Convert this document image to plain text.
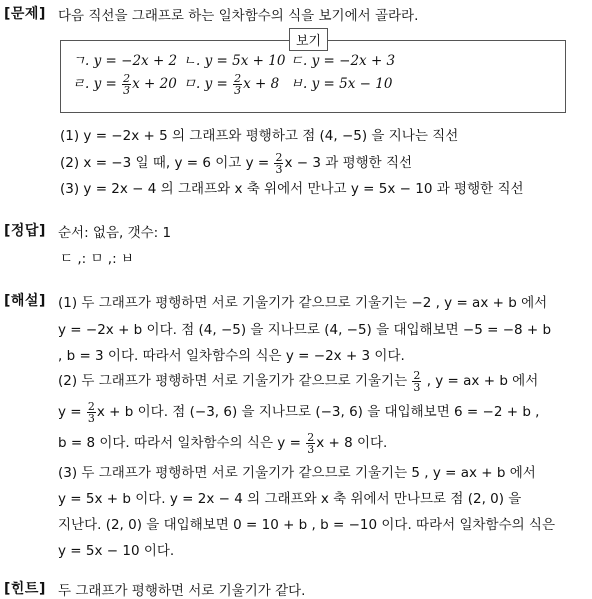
[문제] 다음 직선을 그래프로 하는 일차함수의 식을 보기에서 골라라.
보기
ㄱ. y = −2x + 2 ㄴ. y = 5x + 10 ㄷ. y = −2x + 3
ㄹ. $y = \frac{2}{3}$ x + 20 ㅁ. $y = \frac{2}{3}$ x + 8 ㅂ. y = 5x − 10
(1) y = −2x + 5 의 그래프와 평행하고 점 (4, −5) 을 지나는 직선
(2) x = −3 일 때, y = 6 이고 $y = \frac{2}{3}$ x − 3 과 평행한 직선
(3) y = 2x − 4 의 그래프와 x 축 위에서 만나고 y = 5x − 10 과 평행한 직선
[정답] 순서: 없음, 갯수: 1
ㄷ ,: ㅁ ,: ㅂ
[해설] (1) 두 그래프가 평행하면 서로 기울기가 같으므로 기울기는 −2 , y = ax + b 에서
y = −2x + b 이다. 점 (4, −5) 을 지나므로 (4, −5) 을 대입해보면 −5 = −8 + b
, b = 3 이다. 따라서 일차함수의 식은 y = −2x + 3 이다.
(2) 두 그래프가 평행하면 서로 기울기가 같으므로 기울기는 $\frac{2}{3}$ , y = ax + b 에서
$y = \frac{2}{3}$ x + b 이다. 점 (−3, 6) 을 지나므로 (−3, 6) 을 대입해보면 6 = −2 + b ,
b = 8 이다. 따라서 일차함수의 식은 $y = \frac{2}{3}$ x + 8 이다.
(3) 두 그래프가 평행하면 서로 기울기가 같으므로 기울기는 5 , y = ax + b 에서
y = 5x + b 이다. y = 2x − 4 의 그래프와 x 축 위에서 만나므로 점 (2, 0) 을
지난다. (2, 0) 을 대입해보면 0 = 10 + b , b = −10 이다. 따라서 일차함수의 식은
y = 5x − 10 이다.
[힌트] 두 그래프가 평행하면 서로 기울기가 같다.
